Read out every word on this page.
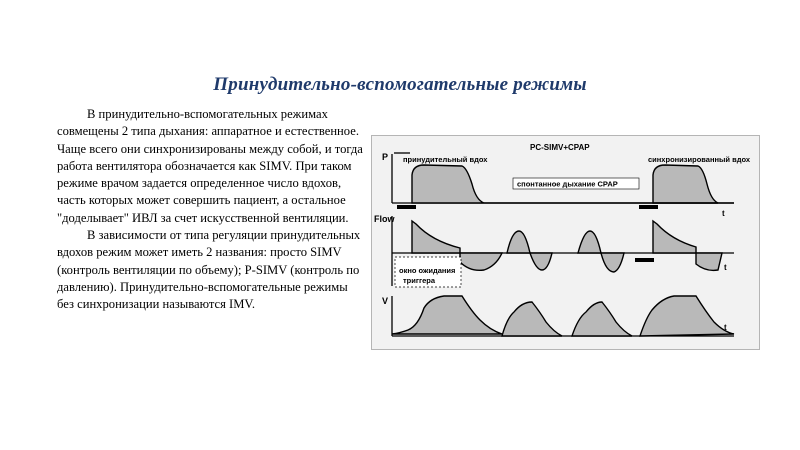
Принудительно-вспомогательные режимы

В принудительно-вспомогательных режимах совмещены 2 типа дыхания: аппаратное и естественное. Чаще всего они синхронизированы между собой, и тогда работа вентилятора обозначается как SIMV. При таком режиме врачом задается определенное число вдохов, часть которых может совершить пациент, а остальное "доделывает" ИВЛ за счет искусственной вентиляции.

В зависимости от типа регуляции принудительных вдохов режим может иметь 2 названия: просто SIMV (контроль вентиляции по объему); P-SIMV (контроль по давлению). Принудительно-вспомогательные режимы без синхронизации называются IMV.

PC-SIMV+CPAP
принудительный вдох	синхронизированный вдох
спонтанное дыхание CPAP
P
Flow
V
t
t
t
окно ожидания
триггера
